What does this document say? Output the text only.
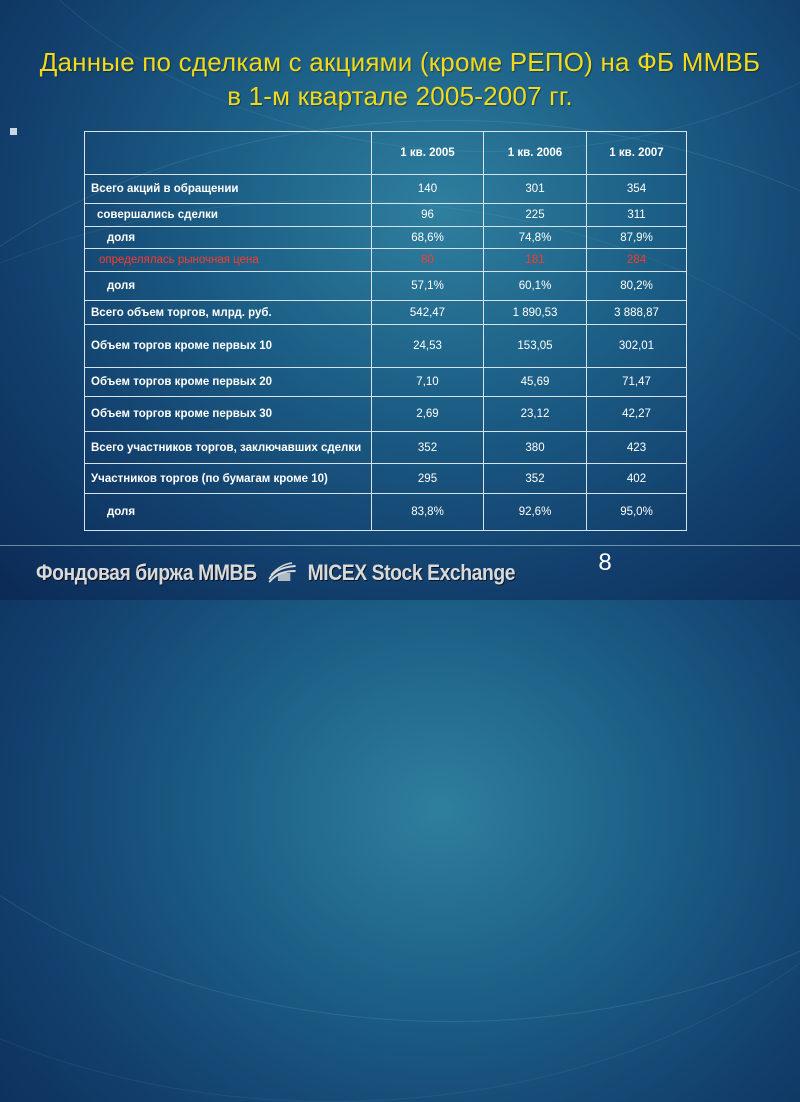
Данные по сделкам с акциями (кроме РЕПО) на ФБ ММВБ в 1-м квартале 2005-2007 гг.
	1 кв. 2005	1 кв. 2006	1 кв. 2007
Всего акций в обращении	140	301	354
совершались сделки	96	225	311
доля	68,6%	74,8%	87,9%
определялась рыночная цена	80	181	284
доля	57,1%	60,1%	80,2%
Всего объем торгов, млрд. руб.	542,47	1 890,53	3 888,87
Объем торгов кроме первых 10	24,53	153,05	302,01
Объем торгов кроме первых 20	7,10	45,69	71,47
Объем торгов кроме первых 30	2,69	23,12	42,27
Всего участников торгов, заключавших сделки	352	380	423
Участников торгов (по бумагам кроме 10)	295	352	402
доля	83,8%	92,6%	95,0%
8
Фондовая биржа ММВБ MICEX Stock Exchange
